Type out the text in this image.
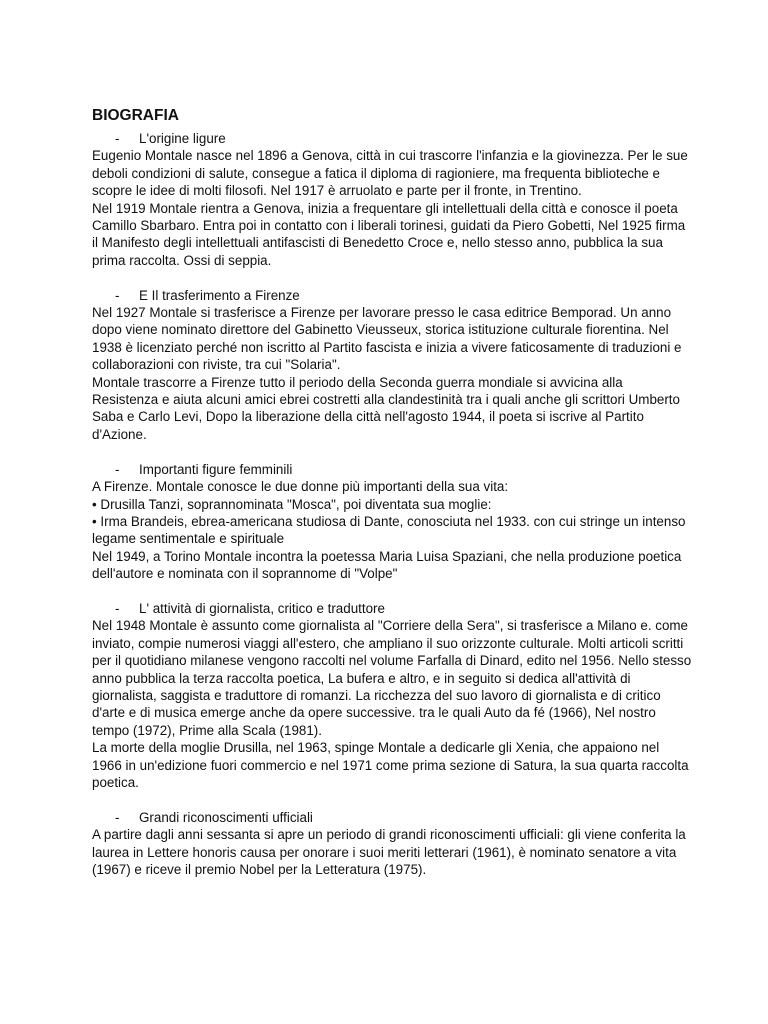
BIOGRAFIA
- L'origine ligure

Eugenio Montale nasce nel 1896 a Genova, città in cui trascorre l'infanzia e la giovinezza. Per le sue deboli condizioni di salute, consegue a fatica il diploma di ragioniere, ma frequenta biblioteche e scopre le idee di molti filosofi. Nel 1917 è arruolato e parte per il fronte, in Trentino.

Nel 1919 Montale rientra a Genova, inizia a frequentare gli intellettuali della città e conosce il poeta Camillo Sbarbaro. Entra poi in contatto con i liberali torinesi, guidati da Piero Gobetti, Nel 1925 firma il Manifesto degli intellettuali antifascisti di Benedetto Croce e, nello stesso anno, pubblica la sua prima raccolta. Ossi di seppia.

- E Il trasferimento a Firenze

Nel 1927 Montale si trasferisce a Firenze per lavorare presso le casa editrice Bemporad. Un anno dopo viene nominato direttore del Gabinetto Vieusseux, storica istituzione culturale fiorentina. Nel 1938 è licenziato perché non iscritto al Partito fascista e inizia a vivere faticosamente di traduzioni e collaborazioni con riviste, tra cui "Solaria".

Montale trascorre a Firenze tutto il periodo della Seconda guerra mondiale si avvicina alla Resistenza e aiuta alcuni amici ebrei costretti alla clandestinità tra i quali anche gli scrittori Umberto Saba e Carlo Levi, Dopo la liberazione della città nell'agosto 1944, il poeta si iscrive al Partito d'Azione.

- Importanti figure femminili

A Firenze. Montale conosce le due donne più importanti della sua vita:

• Drusilla Tanzi, soprannominata "Mosca", poi diventata sua moglie:

• Irma Brandeis, ebrea-americana studiosa di Dante, conosciuta nel 1933. con cui stringe un intenso legame sentimentale e spirituale

Nel 1949, a Torino Montale incontra la poetessa Maria Luisa Spaziani, che nella produzione poetica dell'autore e nominata con il soprannome di "Volpe"

- L' attività di giornalista, critico e traduttore

Nel 1948 Montale è assunto come giornalista al "Corriere della Sera", si trasferisce a Milano e. come inviato, compie numerosi viaggi all'estero, che ampliano il suo orizzonte culturale. Molti articoli scritti per il quotidiano milanese vengono raccolti nel volume Farfalla di Dinard, edito nel 1956. Nello stesso anno pubblica la terza raccolta poetica, La bufera e altro, e in seguito si dedica all'attività di giornalista, saggista e traduttore di romanzi. La ricchezza del suo lavoro di giornalista e di critico d'arte e di musica emerge anche da opere successive. tra le quali Auto da fé (1966), Nel nostro tempo (1972), Prime alla Scala (1981).

La morte della moglie Drusilla, nel 1963, spinge Montale a dedicarle gli Xenia, che appaiono nel 1966 in un'edizione fuori commercio e nel 1971 come prima sezione di Satura, la sua quarta raccolta poetica.

- Grandi riconoscimenti ufficiali

A partire dagli anni sessanta si apre un periodo di grandi riconoscimenti ufficiali: gli viene conferita la laurea in Lettere honoris causa per onorare i suoi meriti letterari (1961), è nominato senatore a vita (1967) e riceve il premio Nobel per la Letteratura (1975).
